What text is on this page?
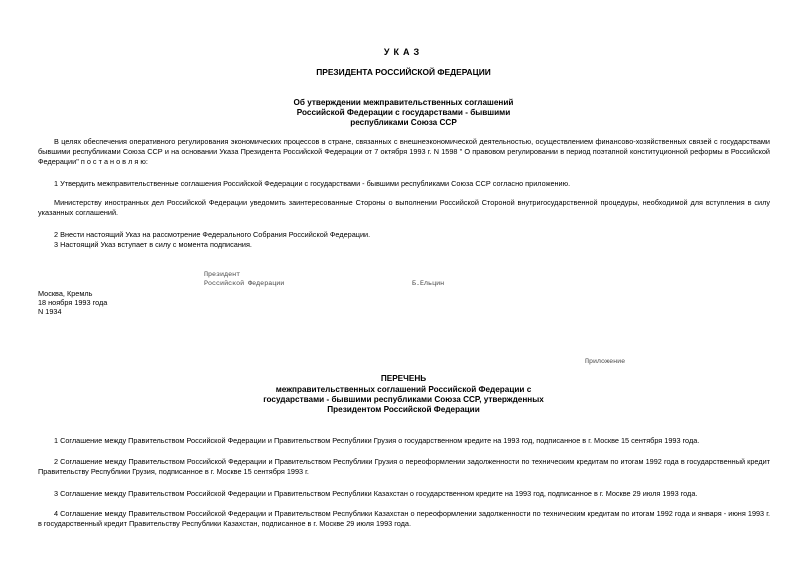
УКАЗ
ПРЕЗИДЕНТА РОССИЙСКОЙ ФЕДЕРАЦИИ
Об утверждении межправительственных соглашений
Российской Федерации с государствами - бывшими
республиками Союза ССР
В целях обеспечения оперативного регулирования экономических процессов в стране, связанных с внешнеэкономической деятельностью, осуществлением финансово-хозяйственных связей с государствами бывшими республиками Союза ССР и на основании Указа Президента Российской Федерации от 7 октября 1993 г. N 1598 " О правовом регулировании в период поэтапной конституционной реформы в Российской Федерации" п о с т а н о в л я ю:
1 Утвердить межправительственные соглашения Российской Федерации с государствами - бывшими республиками Союза ССР согласно приложению.
Министерству иностранных дел Российской Федерации уведомить заинтересованные Стороны о выполнении Российской Стороной внутригосударственной процедуры, необходимой для вступления в силу указанных соглашений.
2 Внести настоящий Указ на рассмотрение Федерального Собрания Российской Федерации.
3 Настоящий Указ вступает в силу с момента подписания.
Президент
Российской Федерации	Б.Ельцин
Москва, Кремль
18 ноября 1993 года
N 1934
Приложение
ПЕРЕЧЕНЬ
межправительственных соглашений Российской Федерации с
государствами - бывшими республиками Союза ССР, утвержденных
Президентом Российской Федерации
1 Соглашение между Правительством Российской Федерации и Правительством Республики Грузия о государственном кредите на 1993 год, подписанное в г. Москве 15 сентября 1993 года.
2 Соглашение между Правительством Российской Федерации и Правительством Республики Грузия о переоформлении задолженности по техническим кредитам по итогам 1992 года в государственный кредит Правительству Республики Грузия, подписанное в г. Москве 15 сентября 1993 г.
3 Соглашение между Правительством Российской Федерации и Правительством Республики Казахстан о государственном кредите на 1993 год, подписанное в г. Москве 29 июля 1993 года.
4 Соглашение между Правительством Российской Федерации и Правительством Республики Казахстан о переоформлении задолженности по техническим кредитам по итогам 1992 года и января - июня 1993 г. в государственный кредит Правительству Республики Казахстан, подписанное в г. Москве 29 июля 1993 года.
